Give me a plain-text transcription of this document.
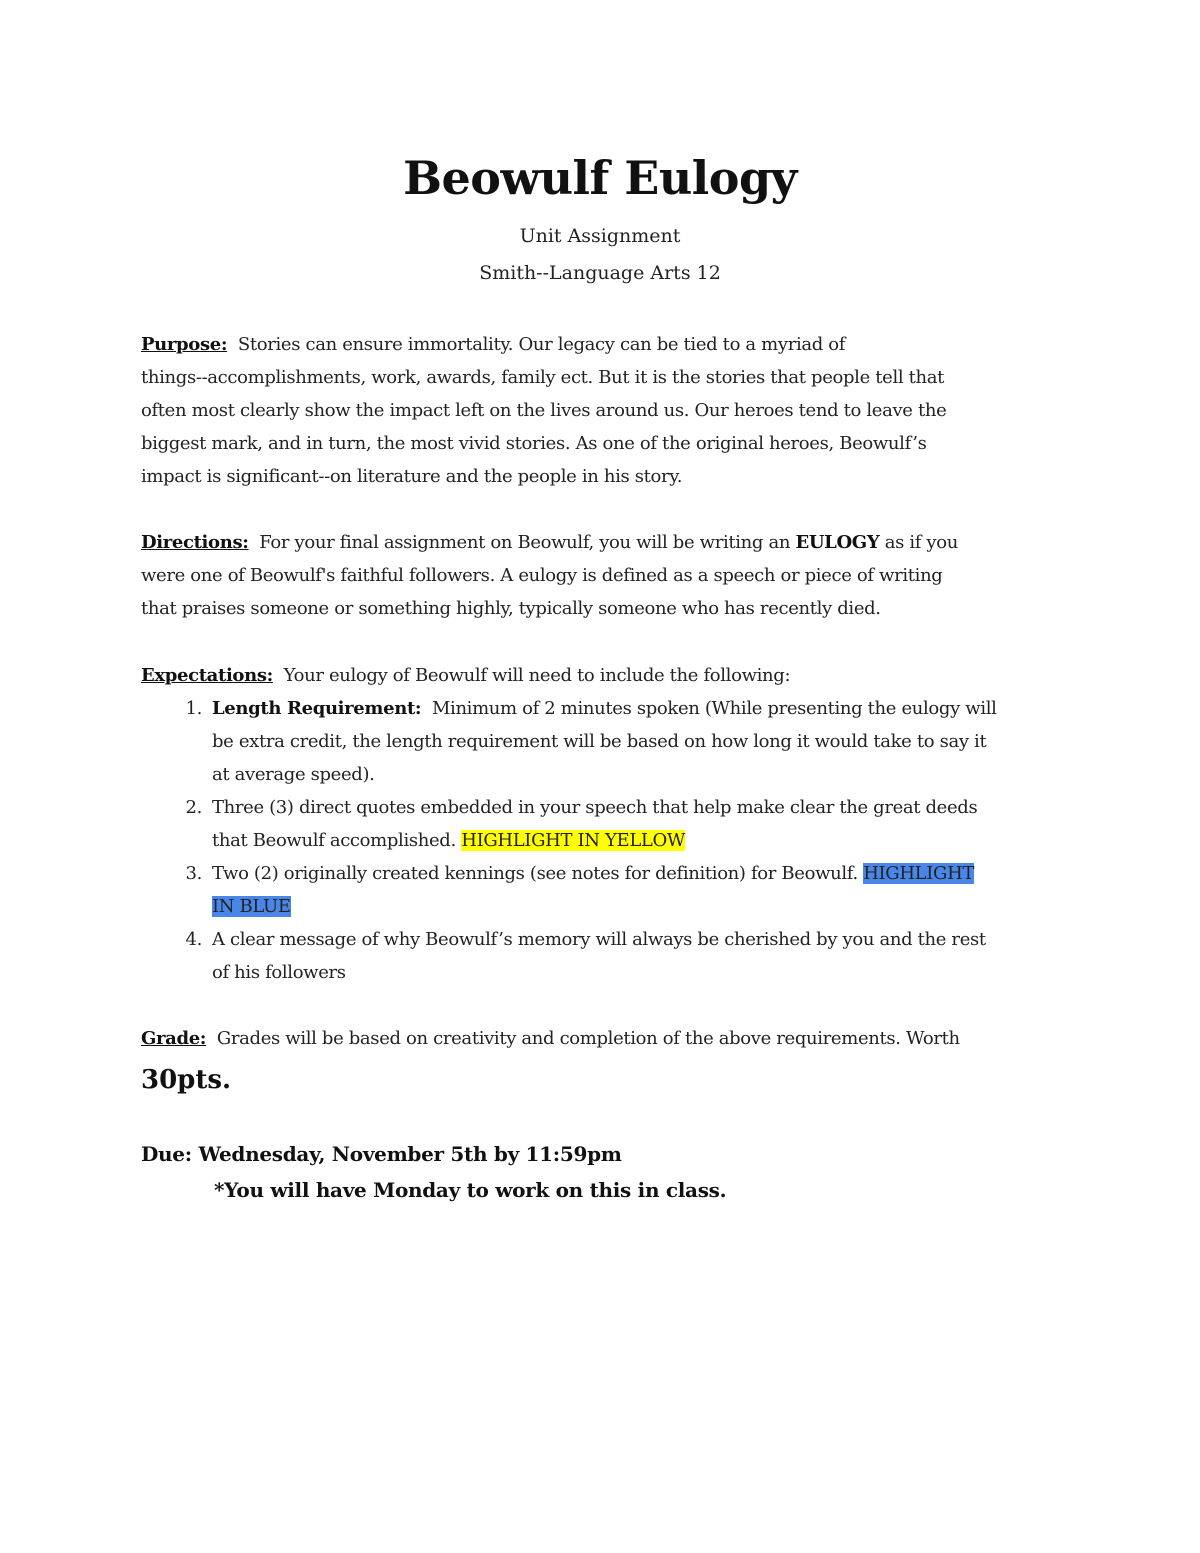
Beowulf Eulogy
Unit Assignment
Smith--Language Arts 12
Purpose: Stories can ensure immortality. Our legacy can be tied to a myriad of
things--accomplishments, work, awards, family ect. But it is the stories that people tell that
often most clearly show the impact left on the lives around us. Our heroes tend to leave the
biggest mark, and in turn, the most vivid stories. As one of the original heroes, Beowulf’s
impact is significant--on literature and the people in his story.
Directions: For your final assignment on Beowulf, you will be writing an EULOGY as if you
were one of Beowulf's faithful followers. A eulogy is defined as a speech or piece of writing
that praises someone or something highly, typically someone who has recently died.
Expectations: Your eulogy of Beowulf will need to include the following:
1. Length Requirement: Minimum of 2 minutes spoken (While presenting the eulogy will
be extra credit, the length requirement will be based on how long it would take to say it
at average speed).
2. Three (3) direct quotes embedded in your speech that help make clear the great deeds
that Beowulf accomplished. HIGHLIGHT IN YELLOW
3. Two (2) originally created kennings (see notes for definition) for Beowulf. HIGHLIGHT
IN BLUE
4. A clear message of why Beowulf’s memory will always be cherished by you and the rest
of his followers
Grade: Grades will be based on creativity and completion of the above requirements. Worth
30pts.
Due: Wednesday, November 5th by 11:59pm
*You will have Monday to work on this in class.
